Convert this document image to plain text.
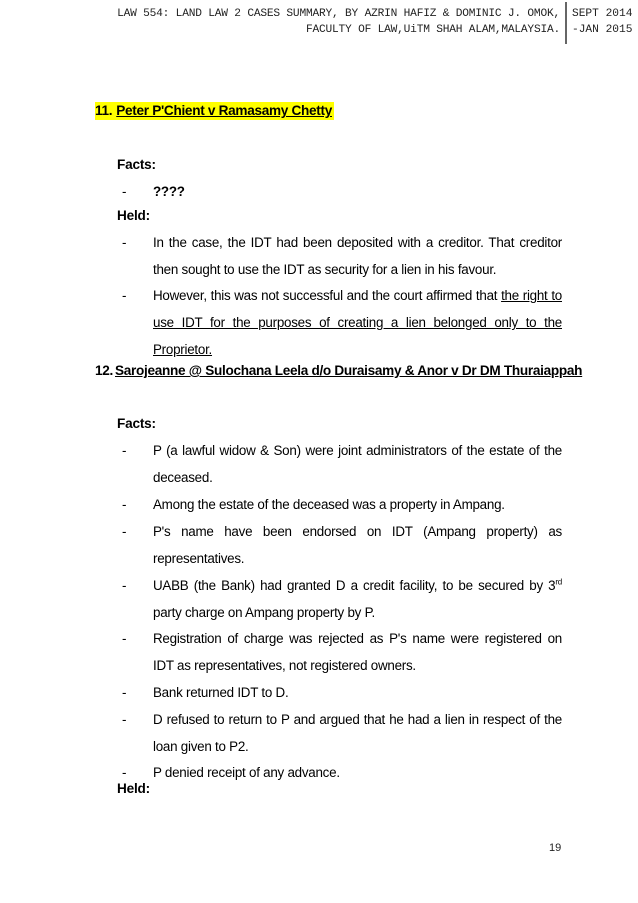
LAW 554: LAND LAW 2 CASES SUMMARY, BY AZRIN HAFIZ & DOMINIC J. OMOK,
FACULTY OF LAW,UiTM SHAH ALAM,MALAYSIA.
SEPT 2014
-JAN 2015
11. Peter P'Chient v Ramasamy Chetty
Facts:
- ????
Held:
- In the case, the IDT had been deposited with a creditor. That creditor then sought to use the IDT as security for a lien in his favour.
- However, this was not successful and the court affirmed that the right to use IDT for the purposes of creating a lien belonged only to the Proprietor.
12. Sarojeanne @ Sulochana Leela d/o Duraisamy & Anor v Dr DM Thuraiappah
Facts:
- P (a lawful widow & Son) were joint administrators of the estate of the deceased.
- Among the estate of the deceased was a property in Ampang.
- P's name have been endorsed on IDT (Ampang property) as representatives.
- UABB (the Bank) had granted D a credit facility, to be secured by 3rd party charge on Ampang property by P.
- Registration of charge was rejected as P's name were registered on IDT as representatives, not registered owners.
- Bank returned IDT to D.
- D refused to return to P and argued that he had a lien in respect of the loan given to P2.
- P denied receipt of any advance.
Held:
19
